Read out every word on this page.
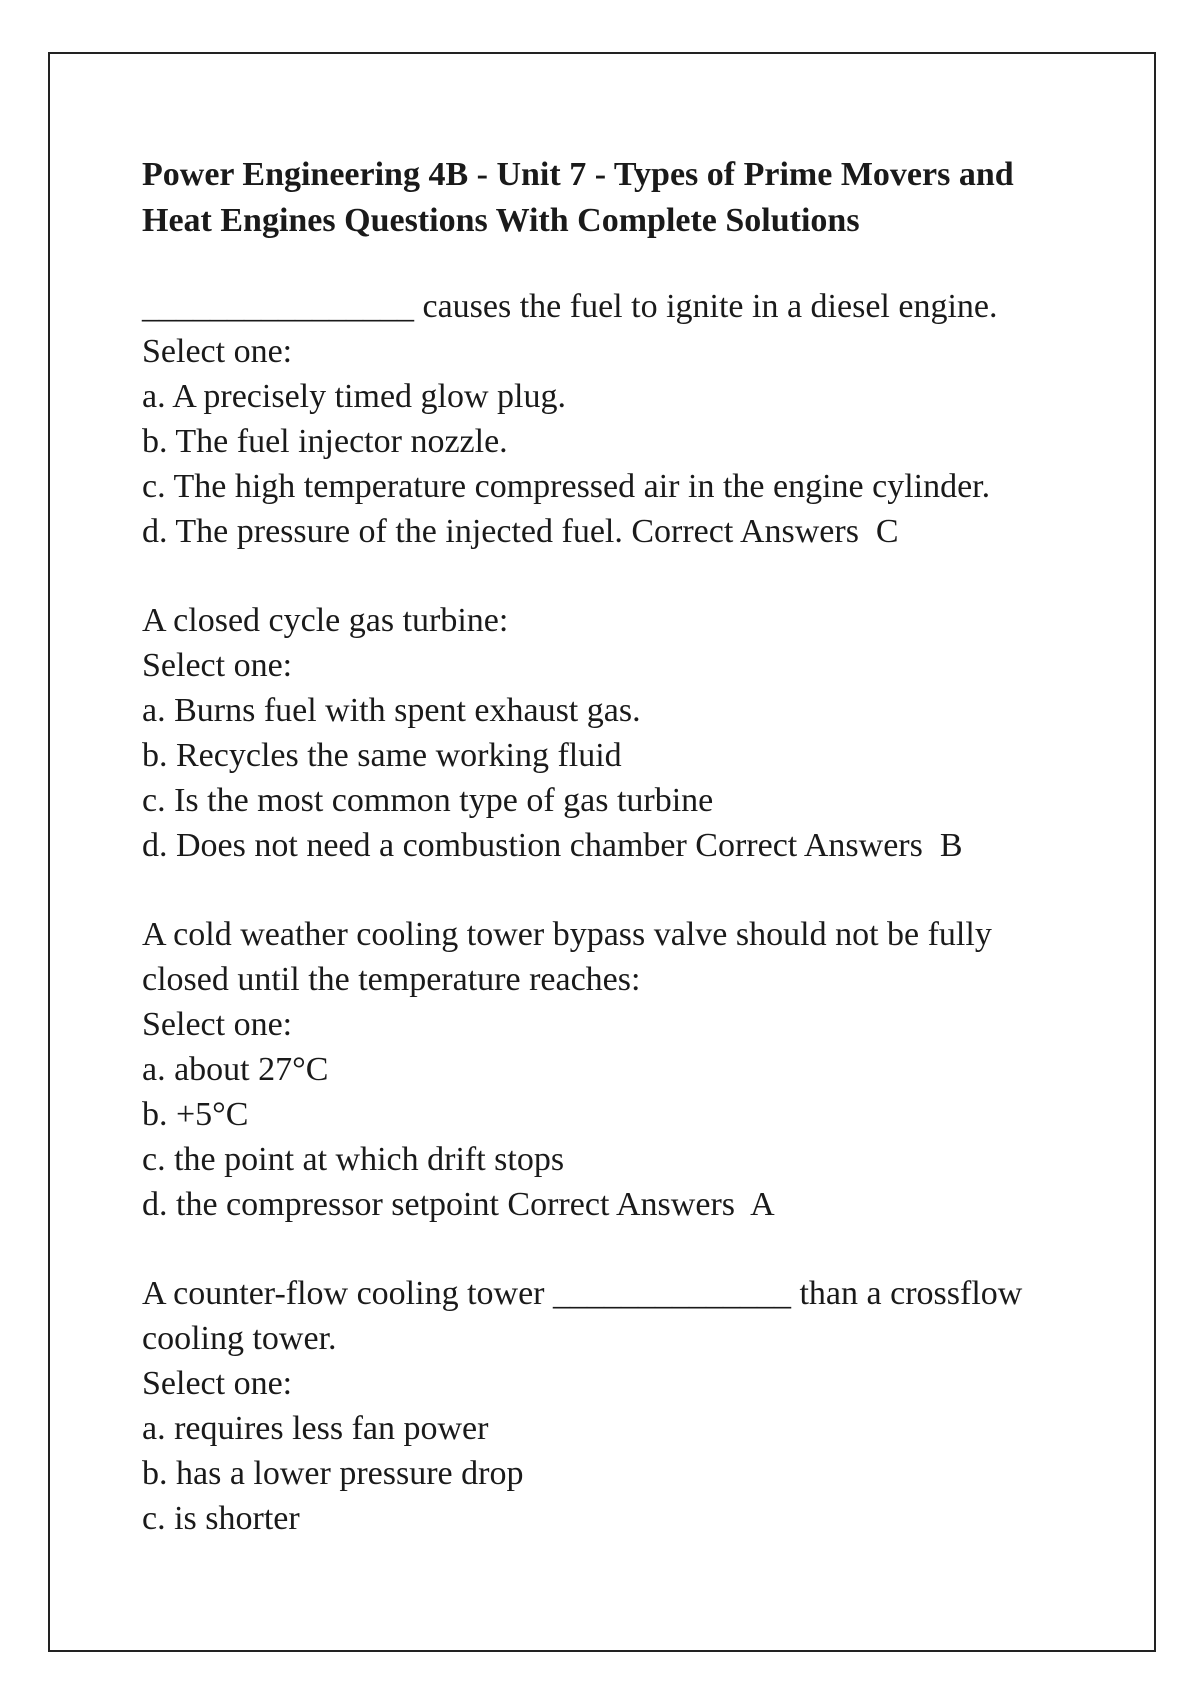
Power Engineering 4B - Unit 7 - Types of Prime Movers and Heat Engines Questions With Complete Solutions
________________ causes the fuel to ignite in a diesel engine.
Select one:
a. A precisely timed glow plug.
b. The fuel injector nozzle.
c. The high temperature compressed air in the engine cylinder.
d. The pressure of the injected fuel. Correct Answers  C
A closed cycle gas turbine:
Select one:
a. Burns fuel with spent exhaust gas.
b. Recycles the same working fluid
c. Is the most common type of gas turbine
d. Does not need a combustion chamber Correct Answers  B
A cold weather cooling tower bypass valve should not be fully closed until the temperature reaches:
Select one:
a. about 27°C
b. +5°C
c. the point at which drift stops
d. the compressor setpoint Correct Answers  A
A counter-flow cooling tower ______________ than a crossflow cooling tower.
Select one:
a. requires less fan power
b. has a lower pressure drop
c. is shorter
